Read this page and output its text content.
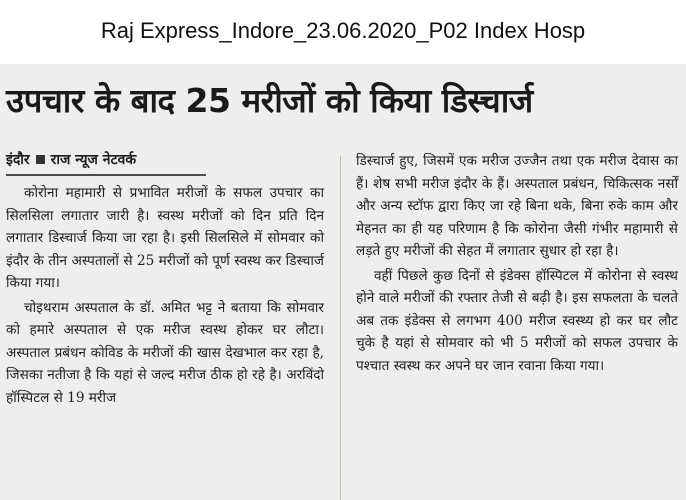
Raj Express_Indore_23.06.2020_P02 Index Hosp
उपचार के बाद 25 मरीजों को किया डिस्चार्ज
इंदौर राज न्यूज नेटवर्क

कोरोना महामारी से प्रभावित मरीजों के सफल उपचार का सिलसिला लगातार जारी है। स्वस्थ मरीजों को दिन प्रति दिन लगातार डिस्चार्ज किया जा रहा है। इसी सिलसिले में सोमवार को इंदौर के तीन अस्पतालों से 25 मरीजों को पूर्ण स्वस्थ कर डिस्चार्ज किया गया।

चोइथराम अस्पताल के डॉ. अमित भट्ट ने बताया कि सोमवार को हमारे अस्पताल से एक मरीज स्वस्थ होकर घर लौटा। अस्पताल प्रबंधन कोविड के मरीजों की खास देखभाल कर रहा है, जिसका नतीजा है कि यहां से जल्द मरीज ठीक हो रहे है। अरविंदो हॉस्पिटल से 19 मरीज

डिस्चार्ज हुए, जिसमें एक मरीज उज्जैन तथा एक मरीज देवास का हैं। शेष सभी मरीज इंदौर के हैं। अस्पताल प्रबंधन, चिकित्सक नर्सों और अन्य स्टॉफ द्वारा किए जा रहे बिना थके, बिना रुके काम और मेहनत का ही यह परिणाम है कि कोरोना जैसी गंभीर महामारी से लड़ते हुए मरीजों की सेहत में लगातार सुधार हो रहा है।

वहीं पिछले कुछ दिनों से इंडेक्स हॉस्पिटल में कोरोना से स्वस्थ होने वाले मरीजों की रफ्तार तेजी से बढ़ी है। इस सफलता के चलते अब तक इंडेक्स से लगभग 400 मरीज स्वस्थ्य हो कर घर लौट चुके है यहां से सोमवार को भी 5 मरीजों को सफल उपचार के पश्चात स्वस्थ कर अपने घर जान रवाना किया गया।
